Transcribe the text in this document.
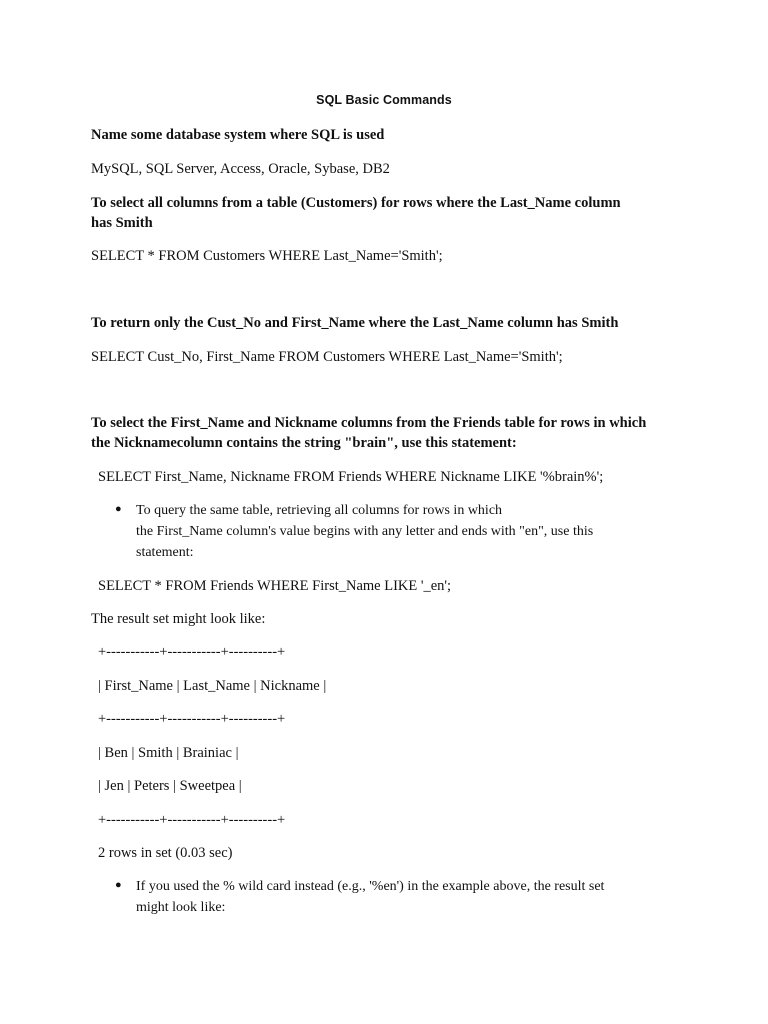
SQL Basic Commands
Name some database system where SQL is used
MySQL, SQL Server, Access, Oracle, Sybase, DB2
To select all columns from a table (Customers) for rows where the Last_Name column
has Smith
SELECT * FROM Customers WHERE Last_Name='Smith';
To return only the Cust_No and First_Name where the Last_Name column has Smith
SELECT Cust_No, First_Name FROM Customers WHERE Last_Name='Smith';
To select the First_Name and Nickname columns from the Friends table for rows in which
the Nicknamecolumn contains the string "brain", use this statement:
SELECT First_Name, Nickname FROM Friends WHERE Nickname LIKE '%brain%';
● To query the same table, retrieving all columns for rows in which
the First_Name column's value begins with any letter and ends with "en", use this
statement:
SELECT * FROM Friends WHERE First_Name LIKE '_en';
The result set might look like:
+-----------+-----------+----------+
| First_Name | Last_Name | Nickname |
+-----------+-----------+----------+
| Ben | Smith | Brainiac |
| Jen | Peters | Sweetpea |
+-----------+-----------+----------+
2 rows in set (0.03 sec)
● If you used the % wild card instead (e.g., '%en') in the example above, the result set
might look like:
